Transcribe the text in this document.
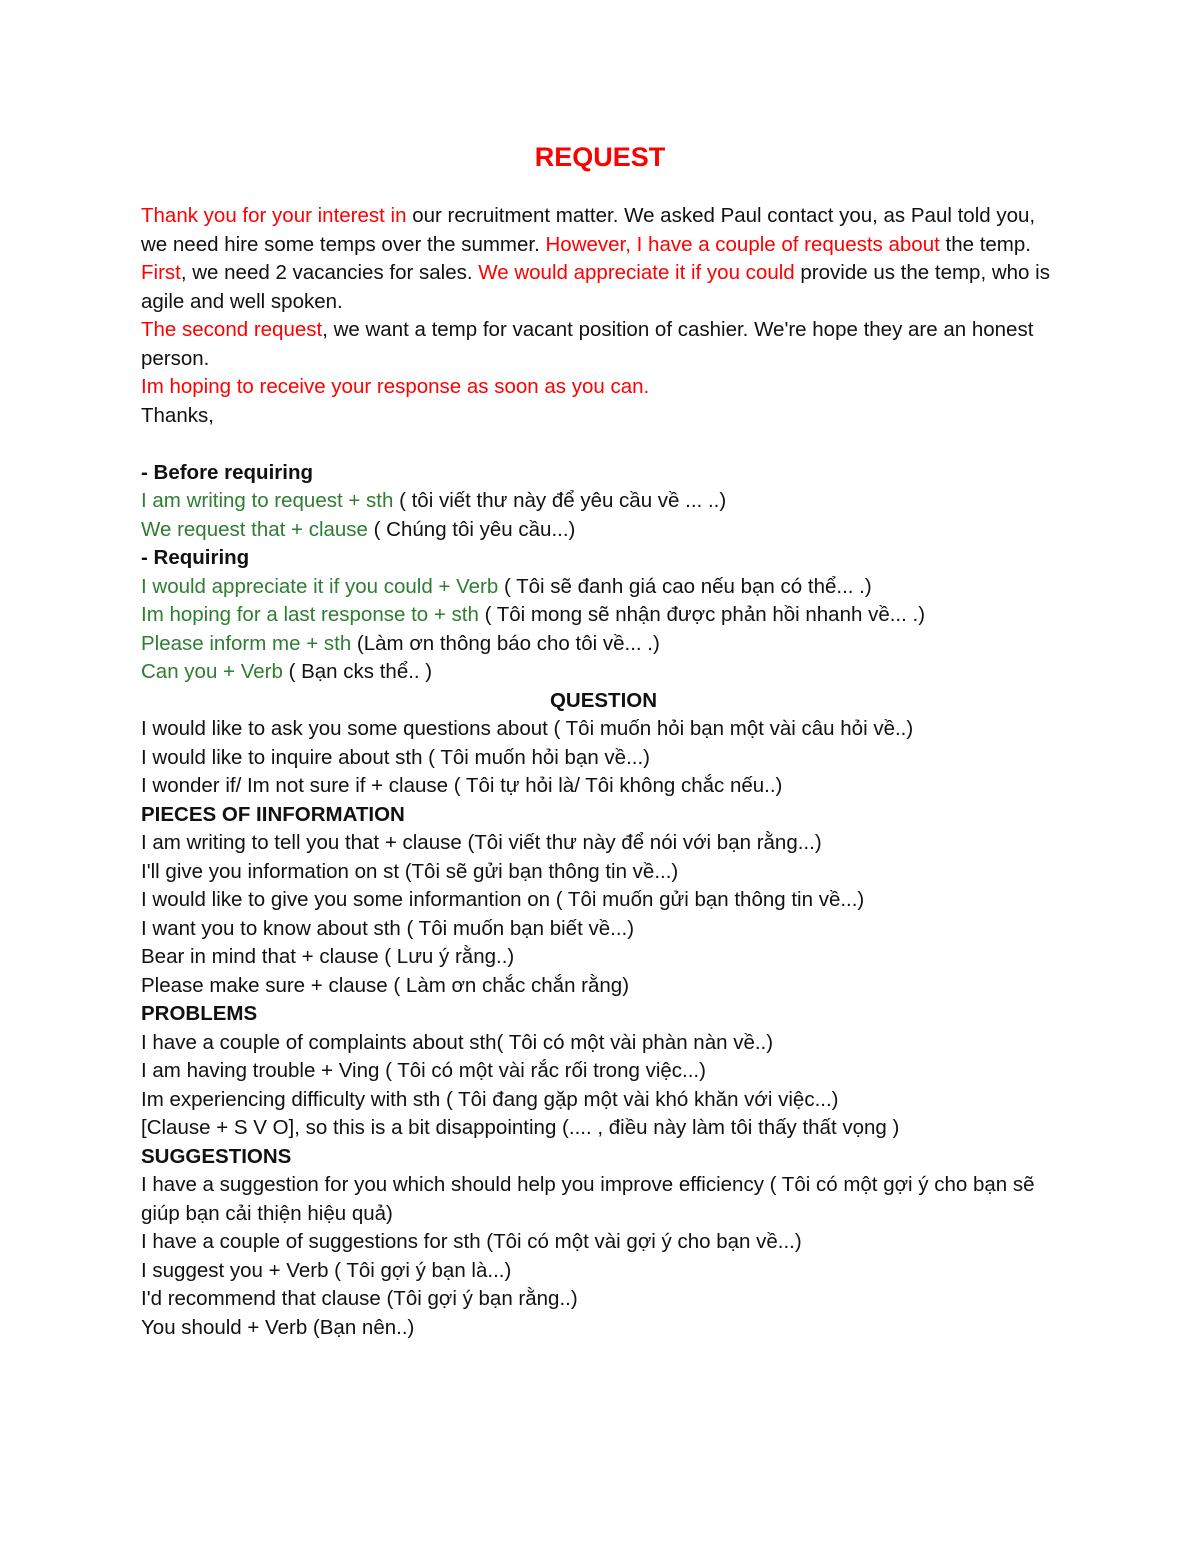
REQUEST
Thank you for your interest in our recruitment matter. We asked Paul contact you, as Paul told you, we need hire some temps over the summer. However, I have a couple of requests about the temp.
First, we need 2 vacancies for sales. We would appreciate it if you could provide us the temp, who is agile and well spoken.
The second request, we want a temp for vacant position of cashier. We're hope they are an honest person.
Im hoping to receive your response as soon as you can.
Thanks,
- Before requiring
I am writing to request + sth ( tôi viết thư này để yêu cầu về ... ..)
We request that + clause ( Chúng tôi yêu cầu...)
- Requiring
I would appreciate it if you could + Verb ( Tôi sẽ đanh giá cao nếu bạn có thể... .)
Im hoping for a last response to + sth ( Tôi mong sẽ nhận được phản hồi nhanh về... .)
Please inform me + sth (Làm ơn thông báo cho tôi về... .)
Can you + Verb ( Bạn cks thể.. )
QUESTION
I would like to ask you some questions about ( Tôi muốn hỏi bạn một vài câu hỏi về..)
I would like to inquire about sth ( Tôi muốn hỏi bạn về...)
I wonder if/ Im not sure if + clause ( Tôi tự hỏi là/ Tôi không chắc nếu..)
PIECES OF IINFORMATION
I am writing to tell you that + clause (Tôi viết thư này để nói với bạn rằng...)
I'll give you information on st (Tôi sẽ gửi bạn thông tin về...)
I would like to give you some informantion on ( Tôi muốn gửi bạn thông tin về...)
I want you to know about sth ( Tôi muốn bạn biết về...)
Bear in mind that + clause ( Lưu ý rằng..)
Please make sure + clause ( Làm ơn chắc chắn rằng)
PROBLEMS
I have a couple of complaints about sth( Tôi có một vài phàn nàn về..)
I am having trouble + Ving ( Tôi có một vài rắc rối trong việc...)
Im experiencing difficulty with sth ( Tôi đang gặp một vài khó khăn với việc...)
[Clause + S V O], so this is a bit disappointing (.... , điều này làm tôi thấy thất vọng )
SUGGESTIONS
I have a suggestion for you which should help you improve efficiency ( Tôi có một gợi ý cho bạn sẽ giúp bạn cải thiện hiệu quả)
I have a couple of suggestions for sth (Tôi có một vài gợi ý cho bạn về...)
I suggest you + Verb ( Tôi gợi ý bạn là...)
I'd recommend that clause (Tôi gợi ý bạn rằng..)
You should + Verb (Bạn nên..)
